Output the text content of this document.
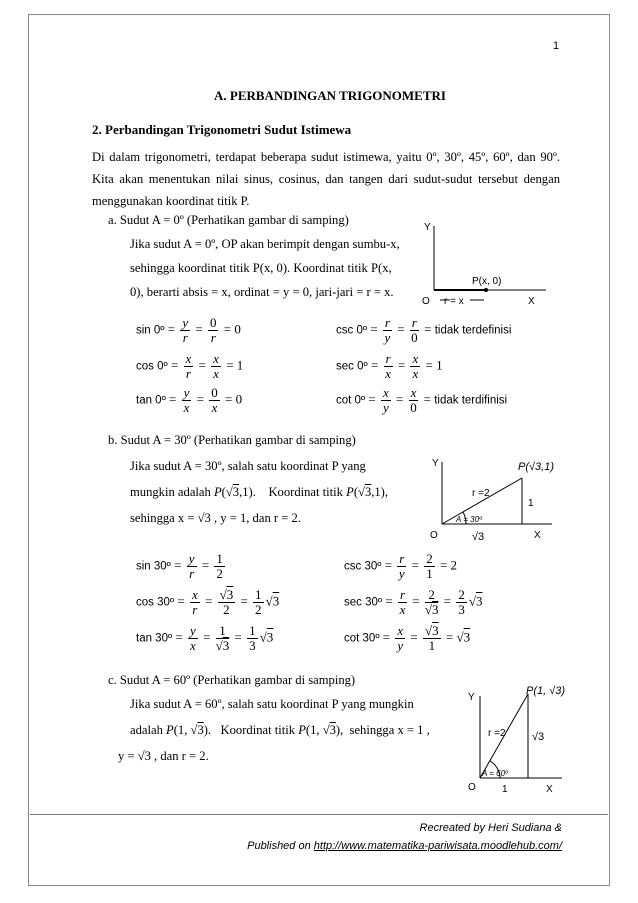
1
A. PERBANDINGAN TRIGONOMETRI
2. Perbandingan Trigonometri Sudut Istimewa
Di dalam trigonometri, terdapat beberapa sudut istimewa, yaitu 0º, 30º, 45º, 60º, dan 90º. Kita akan menentukan nilai sinus, cosinus, dan tangen dari sudut-sudut tersebut dengan menggunakan koordinat titik P.
a. Sudut A = 0º (Perhatikan gambar di samping)
Jika sudut A = 0º, OP akan berimpit dengan sumbu-x,
sehingga koordinat titik P(x, 0). Koordinat titik P(x,
0), berarti absis = x, ordinat = y = 0, jari-jari = r = x.
Y
X
O
P(x, 0)
r = x
sin 0º = $\frac{y}{r} = \frac{0}{r} = 0$
cos 0º = $\frac{x}{r} = \frac{x}{x} = 1$
tan 0º = $\frac{y}{x} = \frac{0}{x} = 0$
csc 0º = $\frac{r}{y} = \frac{r}{0}$ = tidak terdefinisi
sec 0º = $\frac{r}{x} = \frac{x}{x} = 1$
cot 0º = $\frac{x}{y} = \frac{x}{0}$ = tidak terdifinisi
b. Sudut A = 30º (Perhatikan gambar di samping)
Jika sudut A = 30º, salah satu koordinat P yang
mungkin adalah P(√3,1).    Koordinat titik P(√3,1),
sehingga x = √3 , y = 1, dan r = 2.
Y
X
O
P(√3,1)
r =2
1
A = 30º
√3
sin 30º = $\frac{y}{r} = \frac{1}{2}$
cos 30º = $\frac{x}{r} = \frac{√3}{2} = \frac{1}{2} √3$
tan 30º = $\frac{y}{x} = \frac{1}{√3} = \frac{1}{3} √3$
csc 30º = $\frac{r}{y} = \frac{2}{1} = 2$
sec 30º = $\frac{r}{x} = \frac{2}{√3} = \frac{2}{3} √3$
cot 30º = $\frac{x}{y} = \frac{√3}{1} = √3$
c. Sudut A = 60º (Perhatikan gambar di samping)
Jika sudut A = 60º, salah satu koordinat P yang mungkin
adalah P(1, √3).   Koordinat titik P(1, √3),  sehingga x = 1 ,
y = √3 , dan r = 2.
Y
X
O
P(1, √3)
r =2 √3
A = 60º
1
Recreated by Heri Sudiana &
Published on http://www.matematika-pariwisata.moodlehub.com/
